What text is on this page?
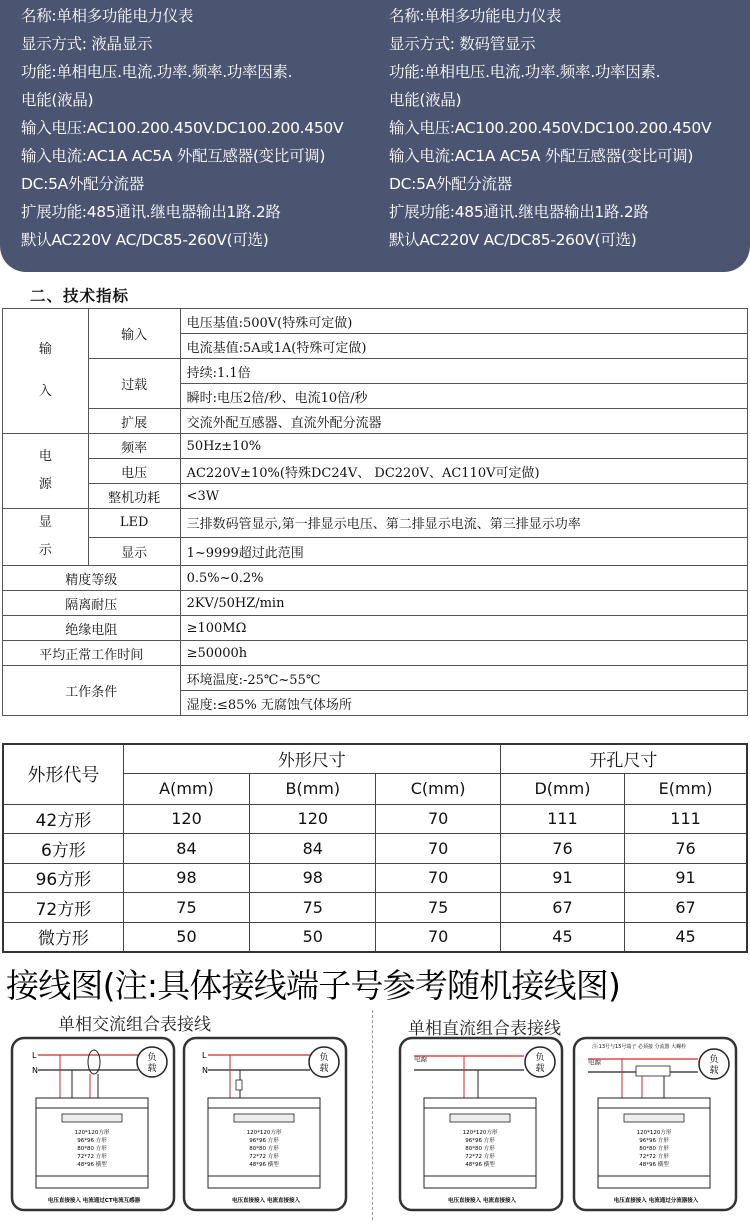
名称:单相多功能电力仪表
显示方式: 液晶显示
功能:单相电压.电流.功率.频率.功率因素.
电能(液晶)
输入电压:AC100.200.450V.DC100.200.450V
输入电流:AC1A AC5A 外配互感器(变比可调)
DC:5A外配分流器
扩展功能:485通讯.继电器输出1路.2路
默认AC220V AC/DC85-260V(可选)
名称:单相多功能电力仪表
显示方式: 数码管显示
功能:单相电压.电流.功率.频率.功率因素.
电能(液晶)
输入电压:AC100.200.450V.DC100.200.450V
输入电流:AC1A AC5A 外配互感器(变比可调)
DC:5A外配分流器
扩展功能:485通讯.继电器输出1路.2路
默认AC220V AC/DC85-260V(可选)
二、技术指标
输
入	输入	电压基值:500V(特殊可定做)
		电流基值:5A或1A(特殊可定做)
	过载	持续:1.1倍
		瞬时:电压2倍/秒、电流10倍/秒
	扩展	交流外配互感器、直流外配分流器
电
源	频率	50Hz±10%
	电压	AC220V±10%(特殊DC24V、 DC220V、AC110V可定做)
	整机功耗	<3W
显
示	LED	三排数码管显示,第一排显示电压、第二排显示电流、第三排显示功率
	显示	1~9999超过此范围
精度等级		0.5%~0.2%
隔离耐压		2KV/50HZ/min
绝缘电阻		≥100MΩ
平均正常工作时间		≥50000h
工作条件		环境温度:-25℃~55℃
		湿度:≤85% 无腐蚀气体场所
外形代号	外形尺寸			开孔尺寸	
	A(mm)	B(mm)	C(mm)	D(mm)	E(mm)
42方形	120	120	70	111	111
6方形	84	84	70	76	76
96方形	98	98	70	91	91
72方形	75	75	75	67	67
微方形	50	50	70	45	45
接线图(注:具体接线端子号参考随机接线图)
单相交流组合表接线	单相直流组合表接线
L
N
负
载
120*120方形
96*96 方形
80*80 方形
72*72 方形
48*96 横型
电压直接接入 电流通过CT电流互感器
L
N
负
载
120*120方形
96*96 方形
80*80 方形
72*72 方形
48*96 横型
电压直接接入 电流直接接入
电源	负
载
120*120方形
96*96 方形
80*80 方形
72*72 方形
48*96 横型
电压直接接入 电流直接接入
注:13号与15号端子 必须接 分流器 大螺栓
电源	负
载
120*120方形
96*96 方形
80*80 方形
72*72 方形
48*96 横型
电压直接接入 电流通过分流器接入
